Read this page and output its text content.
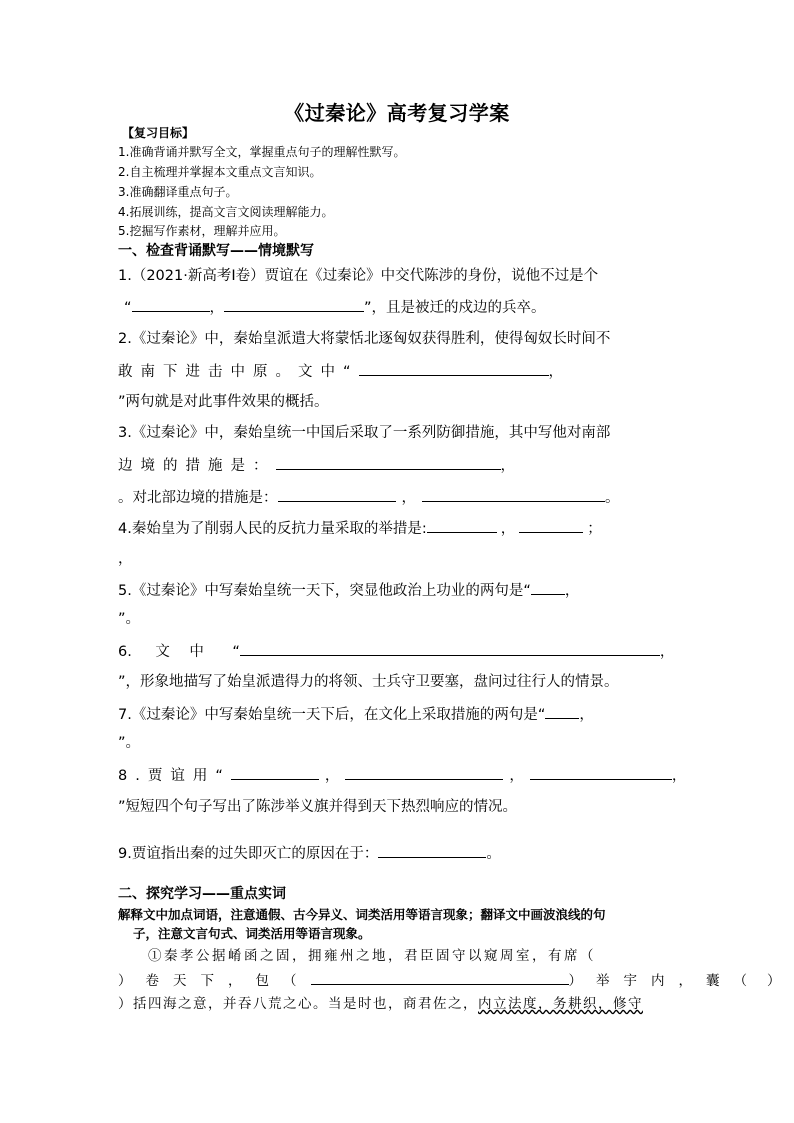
《过秦论》高考复习学案
【复习目标】
1.准确背诵并默写全文，掌握重点句子的理解性默写。
2.自主梳理并掌握本文重点文言知识。
3.准确翻译重点句子。
4.拓展训练，提高文言文阅读理解能力。
5.挖掘写作素材，理解并应用。
一、检查背诵默写——情境默写
1.（2021·新高考Ⅰ卷）贾谊在《过秦论》中交代陈涉的身份，说他不过是个
“	，	”，且是被迁的戍边的兵卒。
2.《过秦论》中，秦始皇派遣大将蒙恬北逐匈奴获得胜利，使得匈奴长时间不
敢南下进击中原。文中“	，
”两句就是对此事件效果的概括。
3.《过秦论》中，秦始皇统一中国后采取了一系列防御措施，其中写他对南部
边境的措施是：	，
。对北部边境的措施是：	，	。
4.秦始皇为了削弱人民的反抗力量采取的举措是:	，	；
，
5.《过秦论》中写秦始皇统一天下，突显他政治上功业的两句是“ ，
”。
6. 文 中 “	，
”，形象地描写了始皇派遣得力的将领、士兵守卫要塞，盘问过往行人的情景。
7.《过秦论》中写秦始皇统一天下后，在文化上采取措施的两句是“ ，
”。
8.贾谊用“	，	，	，
”短短四个句子写出了陈涉举义旗并得到天下热烈响应的情况。
9.贾谊指出秦的过失即灭亡的原因在于：	。
二、探究学习——重点实词
解释文中加点词语，注意通假、古今异义、词类活用等语言现象；翻译文中画波浪线的句
子，注意文言句式、词类活用等语言现象。
①秦孝公据崤函之固，拥雍州之地，君臣固守以窥周室，有席（
）卷天下，包（	）举宇内，囊（ ）
）括四海之意，并吞八荒之心。当是时也，商君佐之，内立法度，务耕织，修守
